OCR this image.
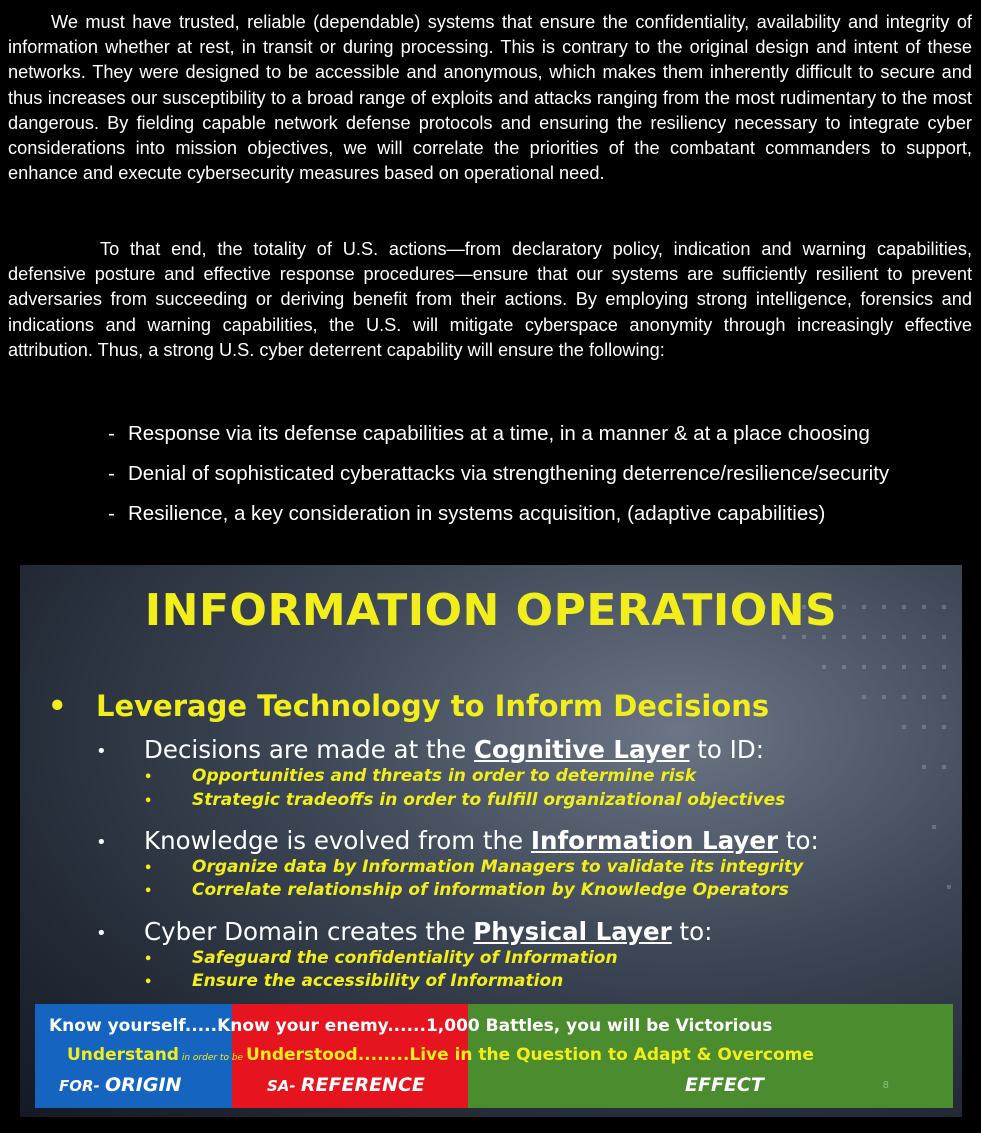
We must have trusted, reliable (dependable) systems that ensure the confidentiality, availability and integrity of information whether at rest, in transit or during processing. This is contrary to the original design and intent of these networks. They were designed to be accessible and anonymous, which makes them inherently difficult to secure and thus increases our susceptibility to a broad range of exploits and attacks ranging from the most rudimentary to the most dangerous. By fielding capable network defense protocols and ensuring the resiliency necessary to integrate cyber considerations into mission objectives, we will correlate the priorities of the combatant commanders to support, enhance and execute cybersecurity measures based on operational need.

To that end, the totality of U.S. actions—from declaratory policy, indication and warning capabilities, defensive posture and effective response procedures—ensure that our systems are sufficiently resilient to prevent adversaries from succeeding or deriving benefit from their actions. By employing strong intelligence, forensics and indications and warning capabilities, the U.S. will mitigate cyberspace anonymity through increasingly effective attribution. Thus, a strong U.S. cyber deterrent capability will ensure the following:

- Response via its defense capabilities at a time, in a manner & at a place choosing
- Denial of sophisticated cyberattacks via strengthening deterrence/resilience/security
- Resilience, a key consideration in systems acquisition, (adaptive capabilities)
INFORMATION OPERATIONS
• Leverage Technology to Inform Decisions
• Decisions are made at the Cognitive Layer to ID:
• Opportunities and threats in order to determine risk
• Strategic tradeoffs in order to fulfill organizational objectives
• Knowledge is evolved from the Information Layer to:
• Organize data by Information Managers to validate its integrity
• Correlate relationship of information by Knowledge Operators
• Cyber Domain creates the Physical Layer to:
• Safeguard the confidentiality of Information
• Ensure the accessibility of Information
Know yourself.....Know your enemy......1,000 Battles, you will be Victorious
Understand in order to be Understood........Live in the Question to Adapt & Overcome
FOR- ORIGIN	SA- REFERENCE	EFFECT	8
